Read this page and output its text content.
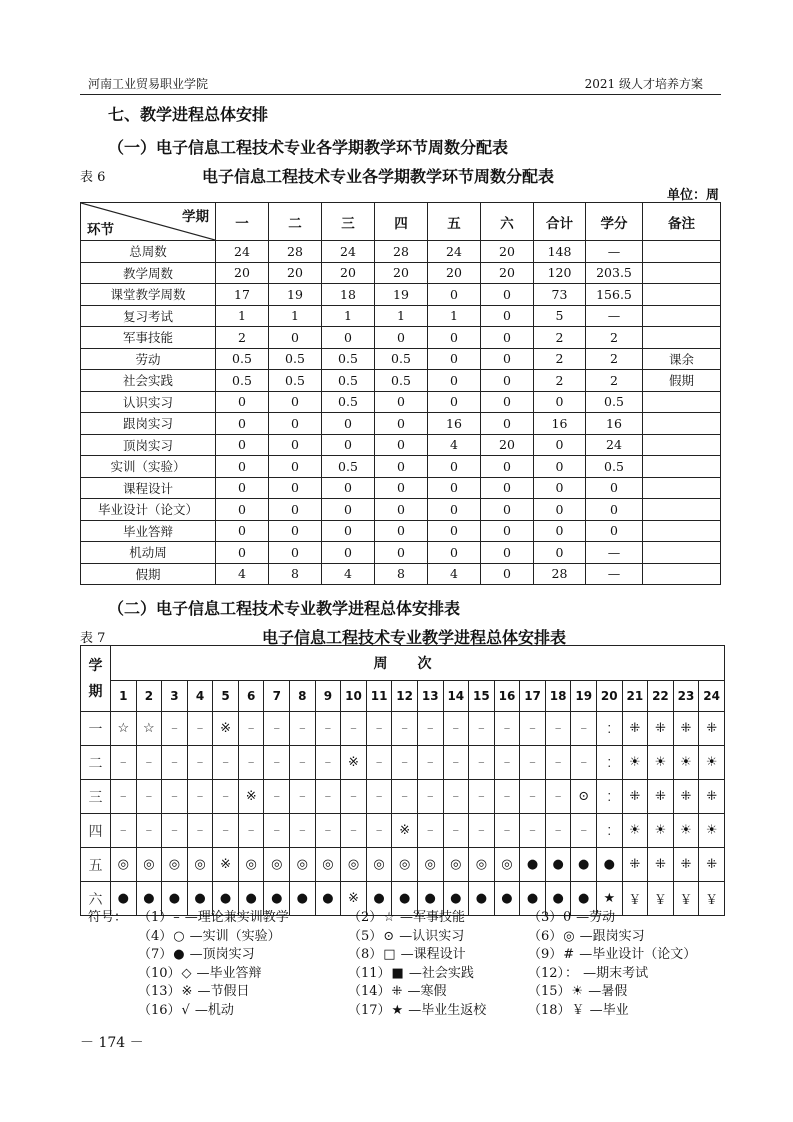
河南工业贸易职业学院	2021 级人才培养方案
七、教学进程总体安排
（一）电子信息工程技术专业各学期教学环节周数分配表
表 6	电子信息工程技术专业各学期教学环节周数分配表
单位：周
学期
环节	一	二	三	四	五	六	合计	学分	备注
总周数	24	28	24	28	24	20	148	—	
教学周数	20	20	20	20	20	20	120	203.5	
课堂教学周数	17	19	18	19	0	0	73	156.5	
复习考试	1	1	1	1	1	0	5	—	
军事技能	2	0	0	0	0	0	2	2	
劳动	0.5	0.5	0.5	0.5	0	0	2	2	课余
社会实践	0.5	0.5	0.5	0.5	0	0	2	2	假期
认识实习	0	0	0.5	0	0	0	0	0.5	
跟岗实习	0	0	0	0	16	0	16	16	
顶岗实习	0	0	0	0	4	20	0	24	
实训（实验）	0	0	0.5	0	0	0	0	0.5	
课程设计	0	0	0	0	0	0	0	0	
毕业设计（论文）	0	0	0	0	0	0	0	0	
毕业答辩	0	0	0	0	0	0	0	0	
机动周	0	0	0	0	0	0	0	—	
假期	4	8	4	8	4	0	28	—	
（二）电子信息工程技术专业教学进程总体安排表
表 7	电子信息工程技术专业教学进程总体安排表
学期	周次																							
	1	2	3	4	5	6	7	8	9	10	11	12	13	14	15	16	17	18	19	20	21	22	23	24
一	☆	☆	–	–	※	–	–	–	–	–	–	–	–	–	–	–	–	–	–	︰	⁜	⁜	⁜	⁜
二	–	–	–	–	–	–	–	–	–	※	–	–	–	–	–	–	–	–	–	︰	☀	☀	☀	☀
三	–	–	–	–	–	※	–	–	–	–	–	–	–	–	–	–	–	–	⊙	︰	⁜	⁜	⁜	⁜
四	–	–	–	–	–	–	–	–	–	–	–	※	–	–	–	–	–	–	–	︰	☀	☀	☀	☀
五	◎	◎	◎	◎	※	◎	◎	◎	◎	◎	◎	◎	◎	◎	◎	◎	●	●	●	●	⁜	⁜	⁜	⁜
六	●	●	●	●	●	●	●	●	●	※	●	●	●	●	●	●	●	●	●	★	￥	￥	￥	￥
符号： （1）– —理论兼实训教学	（2）☆ —军事技能	（3）θ —劳动
（4）○ —实训（实验）	（5）⊙ —认识实习	（6）◎ —跟岗实习
（7）● —顶岗实习	（8）□ —课程设计	（9）# —毕业设计（论文）
（10）◇ —毕业答辩	（11）■ —社会实践	（12）： —期末考试
（13）※ —节假日	（14）⁜ —寒假	（15）☀ —暑假
（16）√ —机动	（17）★ —毕业生返校	（18）￥ —毕业
－ 174 －
